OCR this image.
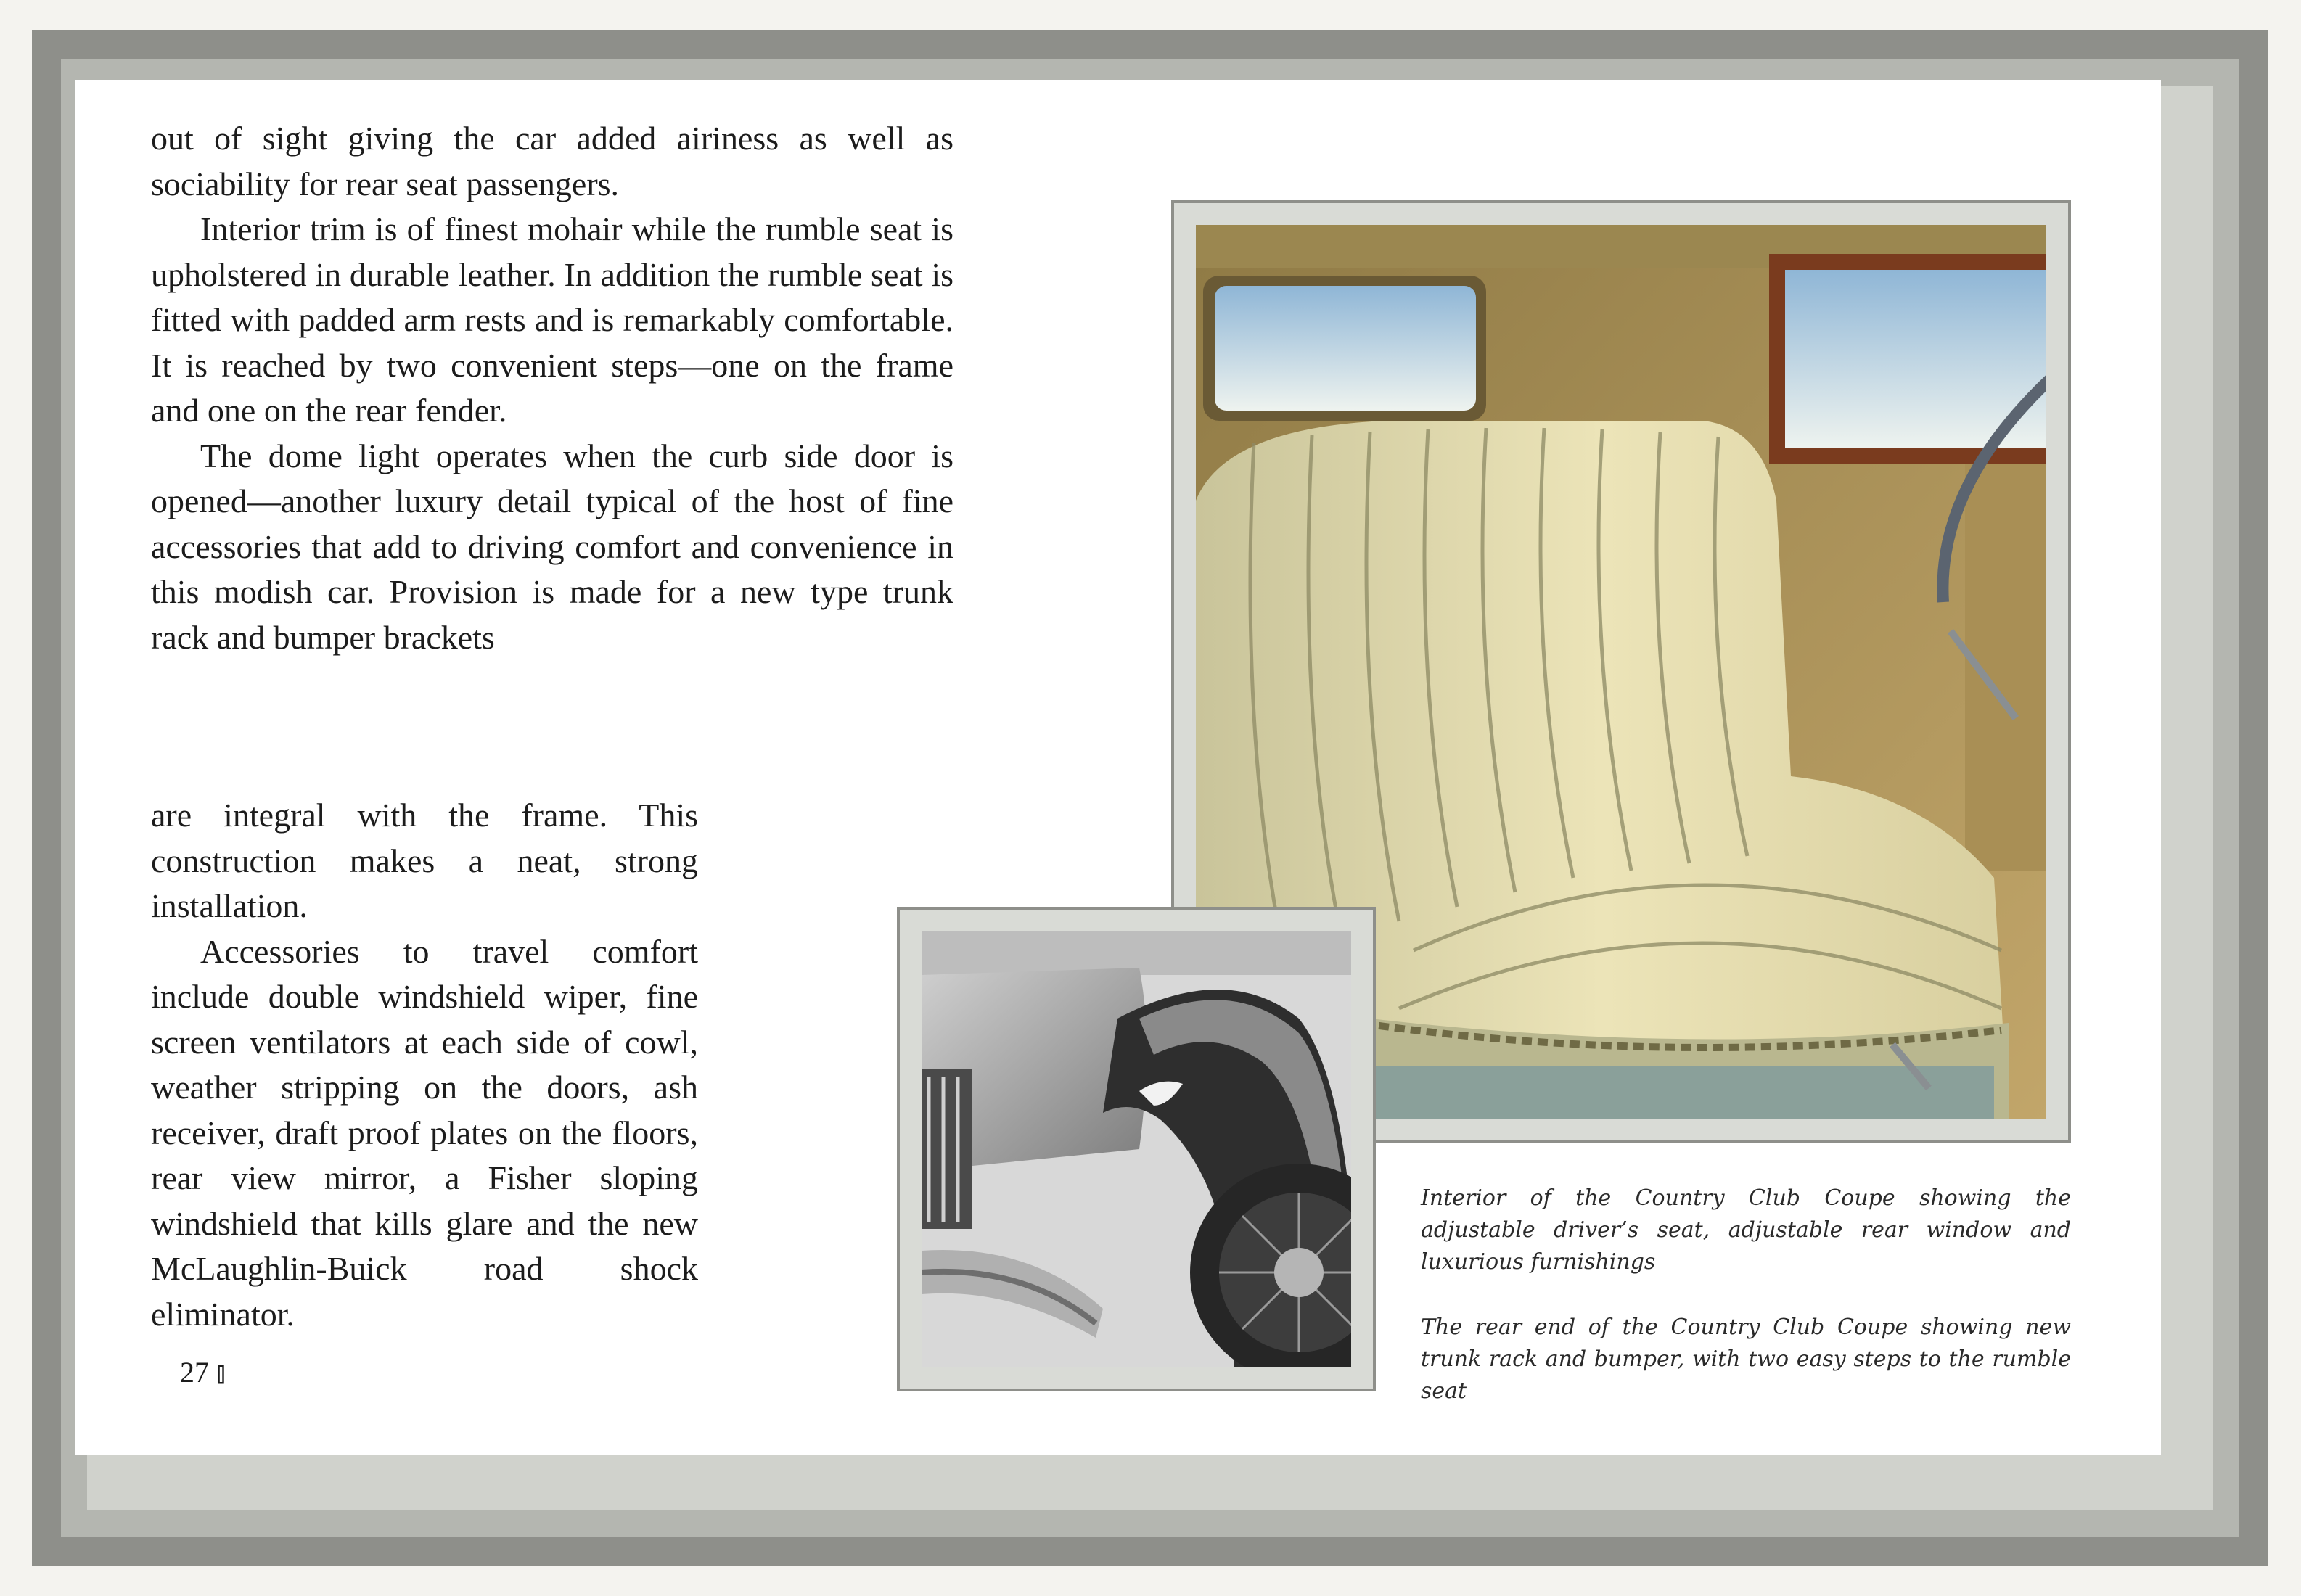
out of sight giving the car added airiness as well as sociability for rear seat passengers.

Interior trim is of finest mohair while the rumble seat is upholstered in durable leather. In addition the rumble seat is fitted with padded arm rests and is remarkably comfortable. It is reached by two convenient steps—one on the frame and one on the rear fender.

The dome light operates when the curb side door is opened—another luxury detail typical of the host of fine accessories that add to driving comfort and convenience in this modish car. Provision is made for a new type trunk rack and bumper brackets

are integral with the frame. This construction makes a neat, strong installation.

Accessories to travel comfort include double windshield wiper, fine screen ventilators at each side of cowl, weather stripping on the doors, ash receiver, draft proof plates on the floors, rear view mirror, a Fisher sloping windshield that kills glare and the new McLaughlin-Buick road shock eliminator.

27 ⫾

Interior of the Country Club Coupe showing the adjustable driver’s seat, adjustable rear window and luxurious furnishings

The rear end of the Country Club Coupe showing new trunk rack and bumper, with two easy steps to the rumble seat
